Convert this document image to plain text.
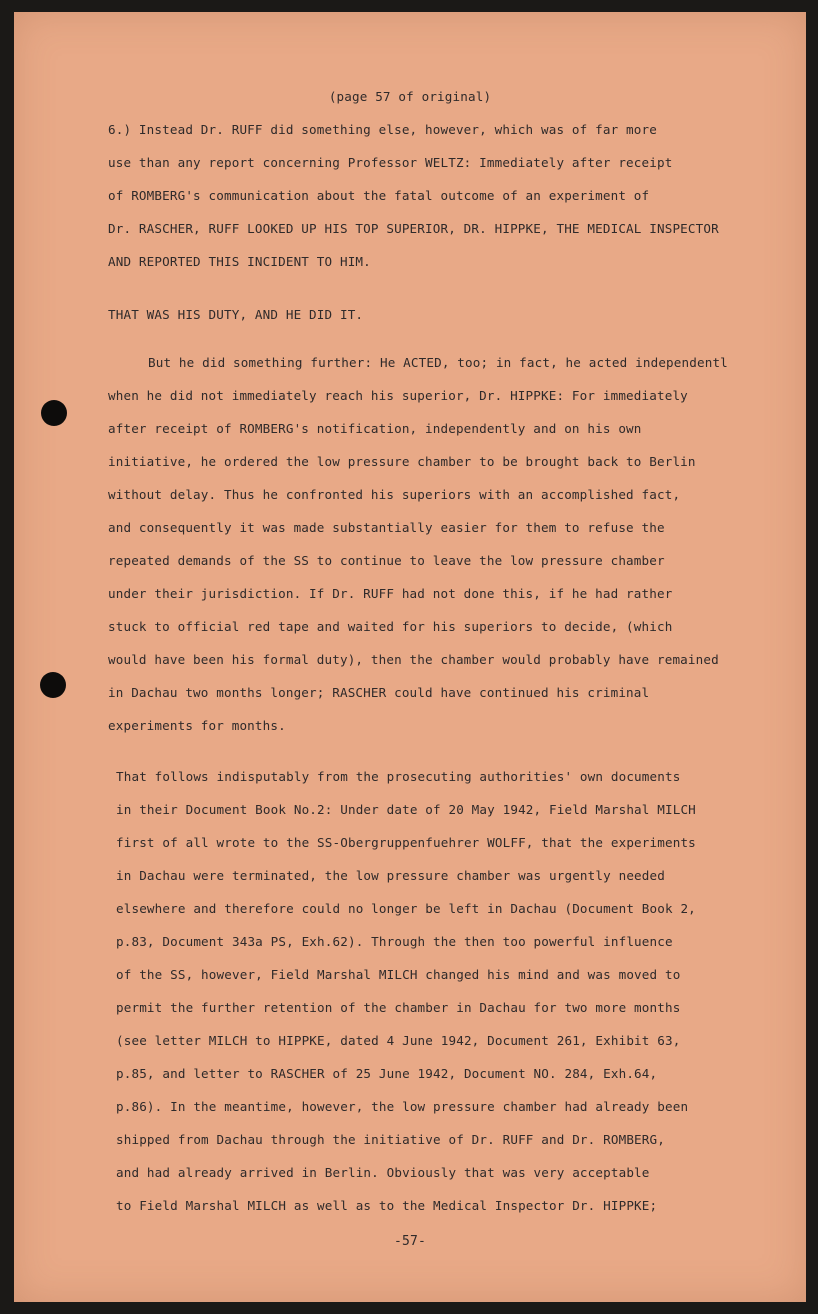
(page 57 of original)
6.) Instead Dr. RUFF did something else, however, which was of far more
use than any report concerning Professor WELTZ: Immediately after receipt
of ROMBERG's communication about the fatal outcome of an experiment of
Dr. RASCHER, RUFF LOOKED UP HIS TOP SUPERIOR, DR. HIPPKE, THE MEDICAL INSPECTOR
AND REPORTED THIS INCIDENT TO HIM.
THAT WAS HIS DUTY, AND HE DID IT.
But he did something further: He ACTED, too; in fact, he acted independentl
when he did not immediately reach his superior, Dr. HIPPKE: For immediately
after receipt of ROMBERG's notification, independently and on his own
initiative, he ordered the low pressure chamber to be brought back to Berlin
without delay. Thus he confronted his superiors with an accomplished fact,
and consequently it was made substantially easier for them to refuse the
repeated demands of the SS to continue to leave the low pressure chamber
under their jurisdiction. If Dr. RUFF had not done this, if he had rather
stuck to official red tape and waited for his superiors to decide, (which
would have been his formal duty), then the chamber would probably have remained
in Dachau two months longer; RASCHER could have continued his criminal
experiments for months.
That follows indisputably from the prosecuting authorities' own documents
in their Document Book No.2: Under date of 20 May 1942, Field Marshal MILCH
first of all wrote to the SS-Obergruppenfuehrer WOLFF, that the experiments
in Dachau were terminated, the low pressure chamber was urgently needed
elsewhere and therefore could no longer be left in Dachau (Document Book 2,
p.83, Document 343a PS, Exh.62). Through the then too powerful influence
of the SS, however, Field Marshal MILCH changed his mind and was moved to
permit the further retention of the chamber in Dachau for two more months
(see letter MILCH to HIPPKE, dated 4 June 1942, Document 261, Exhibit 63,
p.85, and letter to RASCHER of 25 June 1942, Document NO. 284, Exh.64,
p.86). In the meantime, however, the low pressure chamber had already been
shipped from Dachau through the initiative of Dr. RUFF and Dr. ROMBERG,
and had already arrived in Berlin. Obviously that was very acceptable
to Field Marshal MILCH as well as to the Medical Inspector Dr. HIPPKE;
-57-
